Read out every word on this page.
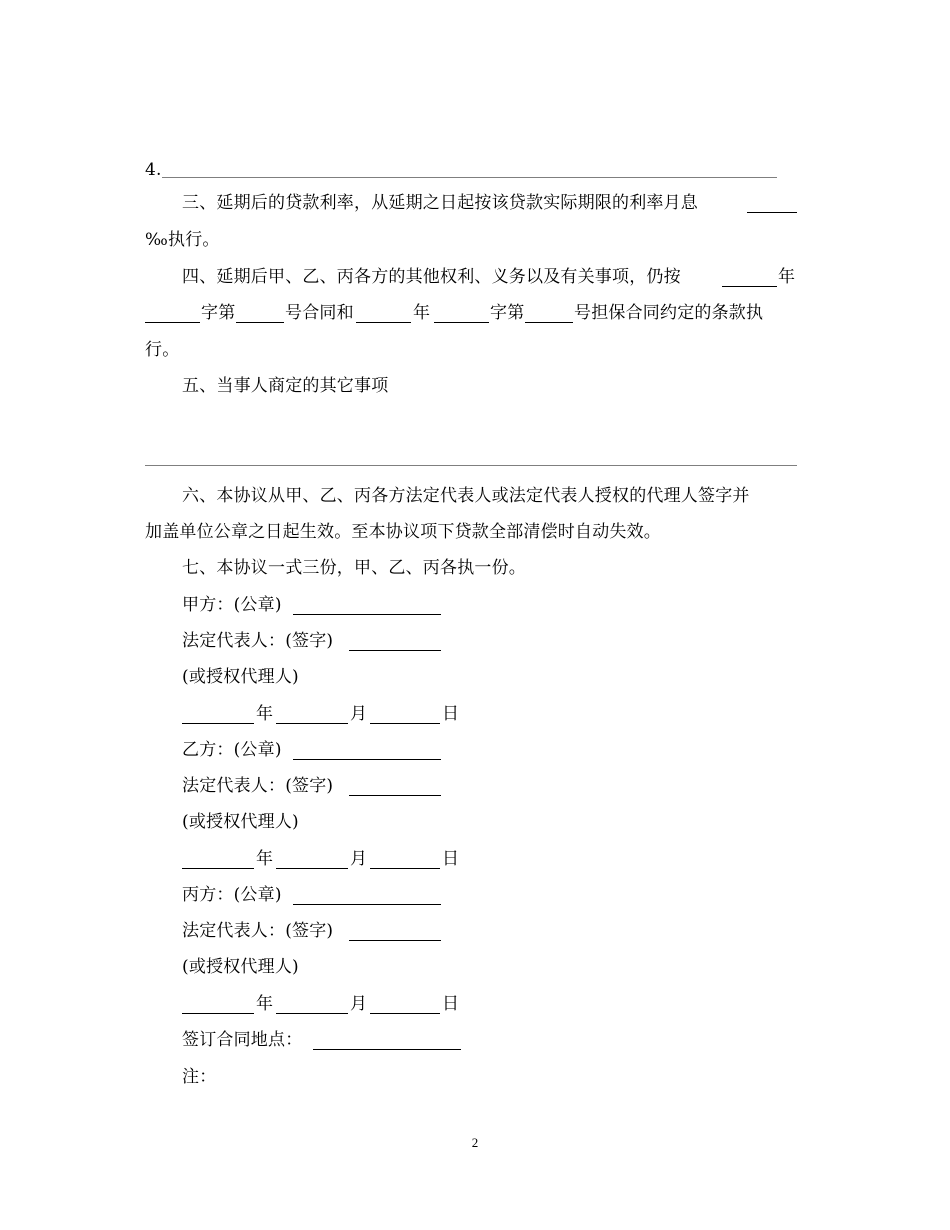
4.
三、延期后的贷款利率，从延期之日起按该贷款实际期限的利率月息
‰执行。
四、延期后甲、乙、丙各方的其他权利、义务以及有关事项，仍按	年
字第	号合同和	年	字第	号担保合同约定的条款执
行。
五、当事人商定的其它事项
六、本协议从甲、乙、丙各方法定代表人或法定代表人授权的代理人签字并
加盖单位公章之日起生效。至本协议项下贷款全部清偿时自动失效。
七、本协议一式三份，甲、乙、丙各执一份。
甲方：(公章)
法定代表人：(签字)
(或授权代理人)
年	月	日
乙方：(公章)
法定代表人：(签字)
(或授权代理人)
年	月	日
丙方：(公章)
法定代表人：(签字)
(或授权代理人)
年	月	日
签订合同地点：
注：
2
